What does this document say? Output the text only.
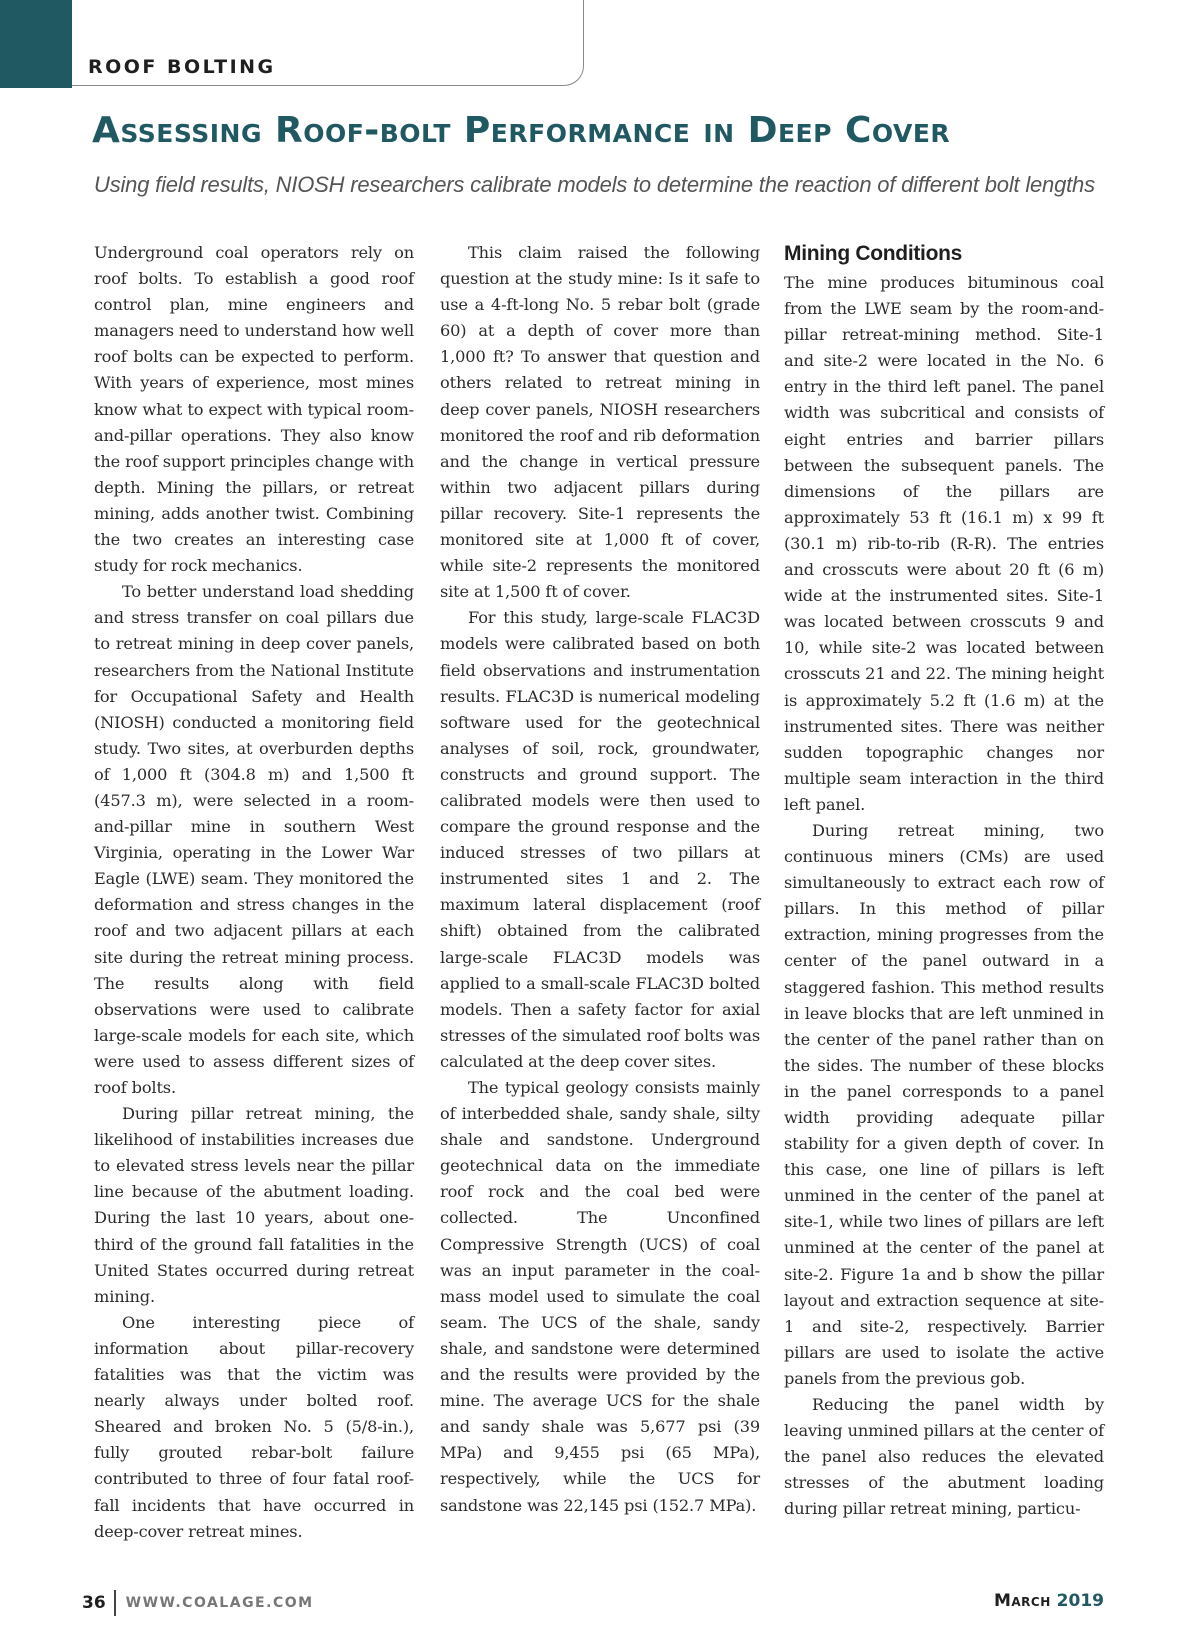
ROOF BOLTING
Assessing Roof-bolt Performance in Deep Cover

Using field results, NIOSH researchers calibrate models to determine the reaction of different bolt lengths

Underground coal operators rely on roof bolts. To establish a good roof control plan, mine engineers and managers need to understand how well roof bolts can be expected to perform. With years of experience, most mines know what to expect with typical room-and-pillar operations. They also know the roof support principles change with depth. Mining the pillars, or retreat mining, adds another twist. Combining the two creates an interesting case study for rock mechanics.

To better understand load shedding and stress transfer on coal pillars due to retreat mining in deep cover panels, researchers from the National Institute for Occupational Safety and Health (NIOSH) conducted a monitoring field study. Two sites, at overburden depths of 1,000 ft (304.8 m) and 1,500 ft (457.3 m), were selected in a room-and-pillar mine in southern West Virginia, operating in the Lower War Eagle (LWE) seam. They monitored the deformation and stress changes in the roof and two adjacent pillars at each site during the retreat mining process. The results along with field observations were used to calibrate large-scale models for each site, which were used to assess different sizes of roof bolts.

During pillar retreat mining, the likelihood of instabilities increases due to elevated stress levels near the pillar line because of the abutment loading. During the last 10 years, about one-third of the ground fall fatalities in the United States occurred during retreat mining.

One interesting piece of information about pillar-recovery fatalities was that the victim was nearly always under bolted roof. Sheared and broken No. 5 (5/8-in.), fully grouted rebar-bolt failure contributed to three of four fatal roof-fall incidents that have occurred in deep-cover retreat mines.

This claim raised the following question at the study mine: Is it safe to use a 4-ft-long No. 5 rebar bolt (grade 60) at a depth of cover more than 1,000 ft? To answer that question and others related to retreat mining in deep cover panels, NIOSH researchers monitored the roof and rib deformation and the change in vertical pressure within two adjacent pillars during pillar recovery. Site-1 represents the monitored site at 1,000 ft of cover, while site-2 represents the monitored site at 1,500 ft of cover.

For this study, large-scale FLAC3D models were calibrated based on both field observations and instrumentation results. FLAC3D is numerical modeling software used for the geotechnical analyses of soil, rock, groundwater, constructs and ground support. The calibrated models were then used to compare the ground response and the induced stresses of two pillars at instrumented sites 1 and 2. The maximum lateral displacement (roof shift) obtained from the calibrated large-scale FLAC3D models was applied to a small-scale FLAC3D bolted models. Then a safety factor for axial stresses of the simulated roof bolts was calculated at the deep cover sites.

The typical geology consists mainly of interbedded shale, sandy shale, silty shale and sandstone. Underground geotechnical data on the immediate roof rock and the coal bed were collected. The Unconfined Compressive Strength (UCS) of coal was an input parameter in the coal-mass model used to simulate the coal seam. The UCS of the shale, sandy shale, and sandstone were determined and the results were provided by the mine. The average UCS for the shale and sandy shale was 5,677 psi (39 MPa) and 9,455 psi (65 MPa), respectively, while the UCS for sandstone was 22,145 psi (152.7 MPa).

Mining Conditions

The mine produces bituminous coal from the LWE seam by the room-and-pillar retreat-mining method. Site-1 and site-2 were located in the No. 6 entry in the third left panel. The panel width was subcritical and consists of eight entries and barrier pillars between the subsequent panels. The dimensions of the pillars are approximately 53 ft (16.1 m) x 99 ft (30.1 m) rib-to-rib (R-R). The entries and crosscuts were about 20 ft (6 m) wide at the instrumented sites. Site-1 was located between crosscuts 9 and 10, while site-2 was located between crosscuts 21 and 22. The mining height is approximately 5.2 ft (1.6 m) at the instrumented sites. There was neither sudden topographic changes nor multiple seam interaction in the third left panel.

During retreat mining, two continuous miners (CMs) are used simultaneously to extract each row of pillars. In this method of pillar extraction, mining progresses from the center of the panel outward in a staggered fashion. This method results in leave blocks that are left unmined in the center of the panel rather than on the sides. The number of these blocks in the panel corresponds to a panel width providing adequate pillar stability for a given depth of cover. In this case, one line of pillars is left unmined in the center of the panel at site-1, while two lines of pillars are left unmined at the center of the panel at site-2. Figure 1a and b show the pillar layout and extraction sequence at site-1 and site-2, respectively. Barrier pillars are used to isolate the active panels from the previous gob.

Reducing the panel width by leaving unmined pillars at the center of the panel also reduces the elevated stresses of the abutment loading during pillar retreat mining, particu-

36 WWW.COALAGE.COM	March 2019
